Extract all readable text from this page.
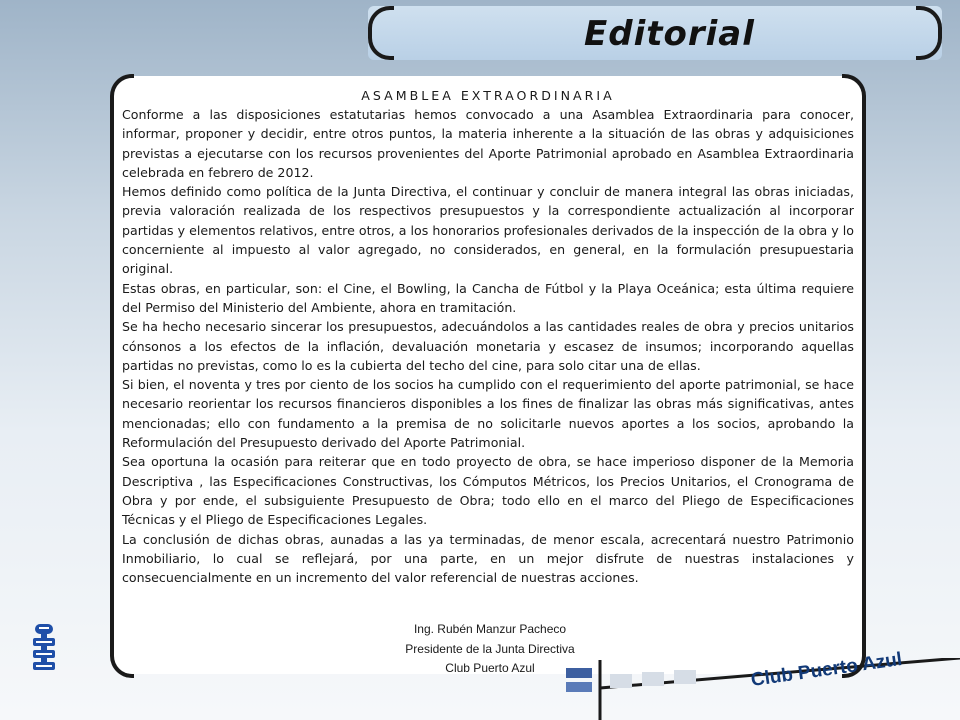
Editorial
ASAMBLEA EXTRAORDINARIA

Conforme a las disposiciones estatutarias hemos convocado a una Asamblea Extraordinaria para conocer, informar, proponer y decidir, entre otros puntos, la materia inherente a la situación de las obras y adquisiciones previstas a ejecutarse con los recursos provenientes del Aporte Patrimonial aprobado en Asamblea Extraordinaria celebrada en febrero de 2012.

Hemos definido como política de la Junta Directiva, el continuar y concluir de manera integral las obras iniciadas, previa valoración realizada de los respectivos presupuestos y la correspondiente actualización al incorporar partidas y elementos relativos, entre otros, a los honorarios profesionales derivados de la inspección de la obra y lo concerniente al impuesto al valor agregado, no considerados, en general, en la formulación presupuestaria original.

Estas obras, en particular, son: el Cine, el Bowling, la Cancha de Fútbol y la Playa Oceánica; esta última requiere del Permiso del Ministerio del Ambiente, ahora en tramitación.

Se ha hecho necesario sincerar los presupuestos, adecuándolos a las cantidades reales de obra y precios unitarios cónsonos a los efectos de la inflación, devaluación monetaria y escasez de insumos; incorporando aquellas partidas no previstas, como lo es la cubierta del techo del cine, para solo citar una de ellas.

Si bien, el noventa y tres por ciento de los socios ha cumplido con el requerimiento del aporte patrimonial, se hace necesario reorientar los recursos financieros disponibles a los fines de finalizar las obras más significativas, antes mencionadas; ello con fundamento a la premisa de no solicitarle nuevos aportes a los socios, aprobando la Reformulación del Presupuesto derivado del Aporte Patrimonial.

Sea oportuna la ocasión para reiterar que en todo proyecto de obra, se hace imperioso disponer de la Memoria Descriptiva , las Especificaciones Constructivas, los Cómputos Métricos, los Precios Unitarios, el Cronograma de Obra y por ende, el subsiguiente Presupuesto de Obra; todo ello en el marco del Pliego de Especificaciones Técnicas y el Pliego de Especificaciones Legales.

La conclusión de dichas obras, aunadas a las ya terminadas, de menor escala, acrecentará nuestro Patrimonio Inmobiliario, lo cual se reflejará, por una parte, en un mejor disfrute de nuestras instalaciones y consecuencialmente en un incremento del valor referencial de nuestras acciones.

Ing. Rubén Manzur Pacheco
Presidente de la Junta Directiva
Club Puerto Azul	Club Puerto Azul
